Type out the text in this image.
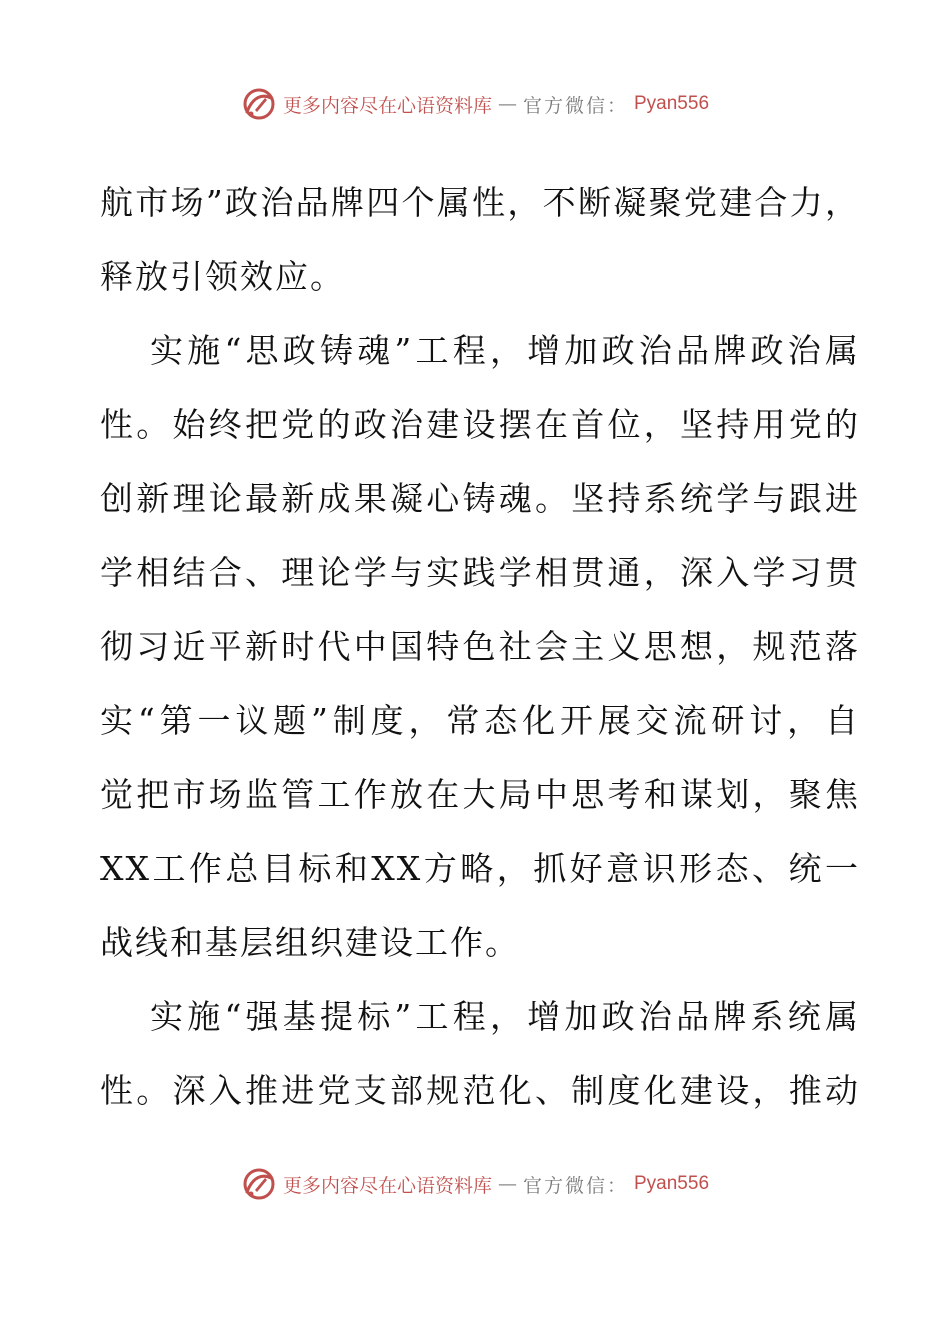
更多内容尽在心语资料库 — 官方微信： Pyan556
航市场”政治品牌四个属性，不断凝聚党建合力，
释放引领效应。
实施“思政铸魂”工程，增加政治品牌政治属
性。始终把党的政治建设摆在首位，坚持用党的
创新理论最新成果凝心铸魂。坚持系统学与跟进
学相结合、理论学与实践学相贯通，深入学习贯
彻习近平新时代中国特色社会主义思想，规范落
实“第一议题”制度，常态化开展交流研讨，自
觉把市场监管工作放在大局中思考和谋划，聚焦
XX工作总目标和XX方略，抓好意识形态、统一
战线和基层组织建设工作。
实施“强基提标”工程，增加政治品牌系统属
性。深入推进党支部规范化、制度化建设，推动
更多内容尽在心语资料库 — 官方微信： Pyan556
